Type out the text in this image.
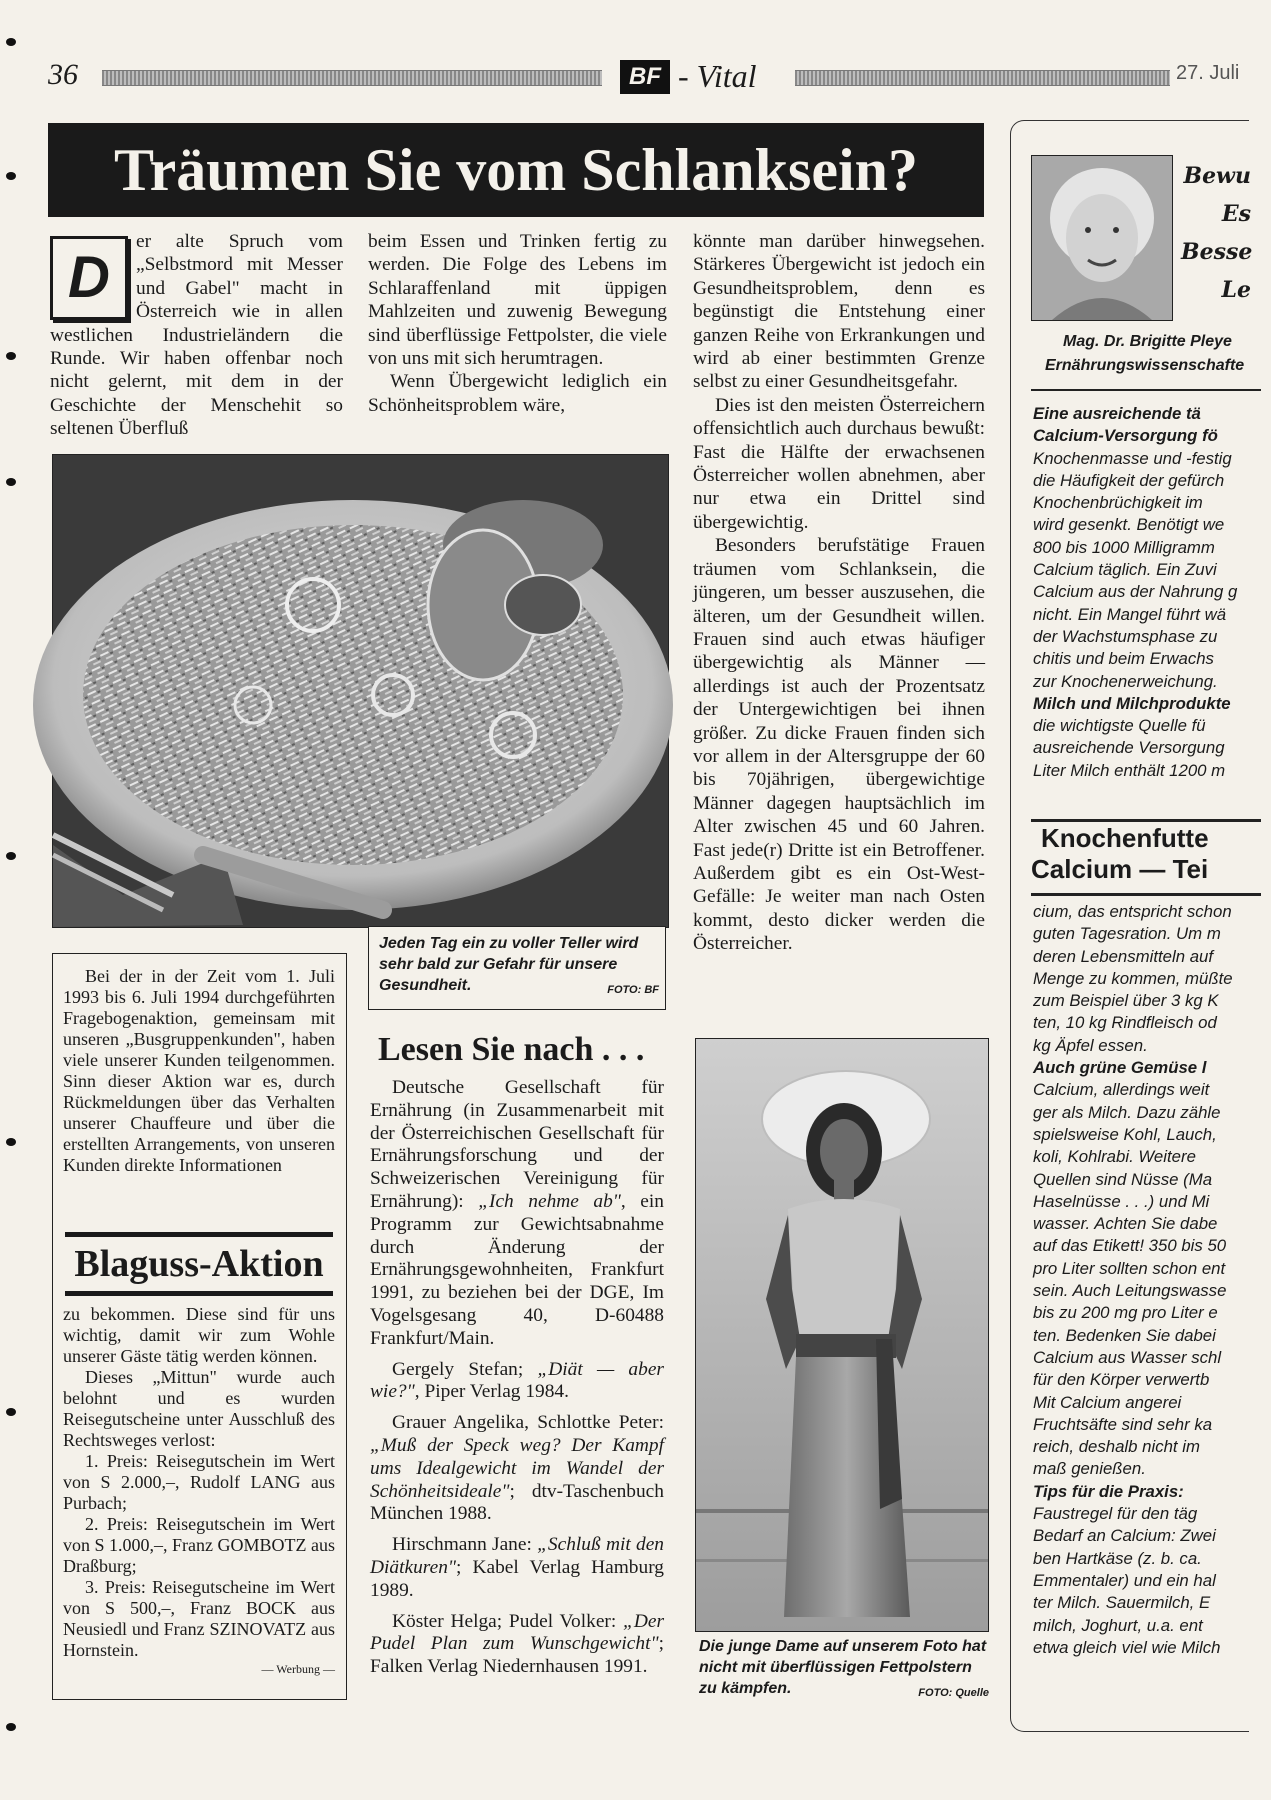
36	BF - Vital	27. Juli
Träumen Sie vom Schlanksein?
D

er alte Spruch vom „Selbstmord mit Messer und Gabel" macht in Österreich wie in allen westlichen Industrieländern die Runde. Wir haben offenbar noch nicht gelernt, mit dem in der Geschichte der Menschehit so seltenen Überfluß

beim Essen und Trinken fertig zu werden. Die Folge des Lebens im Schlaraffenland mit üppigen Mahlzeiten und zuwenig Bewegung sind überflüssige Fettpolster, die viele von uns mit sich herumtragen.

Wenn Übergewicht lediglich ein Schönheitsproblem wäre,

könnte man darüber hinwegsehen. Stärkeres Übergewicht ist jedoch ein Gesundheitsproblem, denn es begünstigt die Entstehung einer ganzen Reihe von Erkrankungen und wird ab einer bestimmten Grenze selbst zu einer Gesundheitsgefahr.

Dies ist den meisten Österreichern offensichtlich auch durchaus bewußt: Fast die Hälfte der erwachsenen Österreicher wollen abnehmen, aber nur etwa ein Drittel sind übergewichtig.

Besonders berufstätige Frauen träumen vom Schlanksein, die jüngeren, um besser auszusehen, die älteren, um der Gesundheit willen. Frauen sind auch etwas häufiger übergewichtig als Männer — allerdings ist auch der Prozentsatz der Untergewichtigen bei ihnen größer. Zu dicke Frauen finden sich vor allem in der Altersgruppe der 60 bis 70jährigen, übergewichtige Männer dagegen hauptsächlich im Alter zwischen 45 und 60 Jahren. Fast jede(r) Dritte ist ein Betroffener. Außerdem gibt es ein Ost-West-Gefälle: Je weiter man nach Osten kommt, desto dicker werden die Österreicher.

Jeden Tag ein zu voller Teller wird sehr bald zur Gefahr für unsere Gesundheit.	FOTO: BF

Bei der in der Zeit vom 1. Juli 1993 bis 6. Juli 1994 durchgeführten Fragebogenaktion, gemeinsam mit unseren „Busgruppenkunden", haben viele unserer Kunden teilgenommen. Sinn dieser Aktion war es, durch Rückmeldungen über das Verhalten unserer Chauffeure und über die erstellten Arrangements, von unseren Kunden direkte Informationen

Blaguss-Aktion

zu bekommen. Diese sind für uns wichtig, damit wir zum Wohle unserer Gäste tätig werden können.

Dieses „Mittun" wurde auch belohnt und es wurden Reisegutscheine unter Ausschluß des Rechtsweges verlost:

1. Preis: Reisegutschein im Wert von S 2.000,–, Rudolf LANG aus Purbach;

2. Preis: Reisegutschein im Wert von S 1.000,–, Franz GOMBOTZ aus Draßburg;

3. Preis: Reisegutscheine im Wert von S 500,–, Franz BOCK aus Neusiedl und Franz SZINOVATZ aus Hornstein.

— Werbung —
Lesen Sie nach . . .

Deutsche Gesellschaft für Ernährung (in Zusammenarbeit mit der Österreichischen Gesellschaft für Ernährungsforschung und der Schweizerischen Vereinigung für Ernährung): „Ich nehme ab", ein Programm zur Gewichtsabnahme durch Änderung der Ernährungsgewohnheiten, Frankfurt 1991, zu beziehen bei der DGE, Im Vogelsgesang 40, D-60488 Frankfurt/Main.

Gergely Stefan; „Diät — aber wie?", Piper Verlag 1984.

Grauer Angelika, Schlottke Peter: „Muß der Speck weg? Der Kampf ums Idealgewicht im Wandel der Schönheitsideale"; dtv-Taschenbuch München 1988.

Hirschmann Jane: „Schluß mit den Diätkuren"; Kabel Verlag Hamburg 1989.

Köster Helga; Pudel Volker: „Der Pudel Plan zum Wunschgewicht"; Falken Verlag Niedernhausen 1991.

Die junge Dame auf unserem Foto hat nicht mit überflüssigen Fettpolstern zu kämpfen.	FOTO: Quelle
Bewu
Es
Besse
Le
Mag. Dr. Brigitte Pleye
Ernährungswissenschafte

Eine ausreichende tä

Calcium-Versorgung fö

Knochenmasse und -festig

die Häufigkeit der gefürch

Knochenbrüchigkeit im

wird gesenkt. Benötigt we

800 bis 1000 Milligramm

Calcium täglich. Ein Zuvi

Calcium aus der Nahrung g

nicht. Ein Mangel führt wä

der Wachstumsphase zu

chitis und beim Erwachs

zur Knochenerweichung.

Milch und Milchprodukte

die wichtigste Quelle fü

ausreichende Versorgung

Liter Milch enthält 1200 m

Knochenfutte
Calcium — Tei

cium, das entspricht schon

guten Tagesration. Um m

deren Lebensmitteln auf

Menge zu kommen, müßte

zum Beispiel über 3 kg K

ten, 10 kg Rindfleisch od

kg Äpfel essen.

Auch grüne Gemüse l

Calcium, allerdings weit

ger als Milch. Dazu zähle

spielsweise Kohl, Lauch,

koli, Kohlrabi. Weitere

Quellen sind Nüsse (Ma

Haselnüsse . . .) und Mi

wasser. Achten Sie dabe

auf das Etikett! 350 bis 50

pro Liter sollten schon ent

sein. Auch Leitungswasse

bis zu 200 mg pro Liter e

ten. Bedenken Sie dabei

Calcium aus Wasser schl

für den Körper verwertb

Mit Calcium angerei

Fruchtsäfte sind sehr ka

reich, deshalb nicht im

maß genießen.

Tips für die Praxis:

Faustregel für den täg

Bedarf an Calcium: Zwei

ben Hartkäse (z. b. ca.

Emmentaler) und ein hal

ter Milch. Sauermilch, E

milch, Joghurt, u.a. ent

etwa gleich viel wie Milch
